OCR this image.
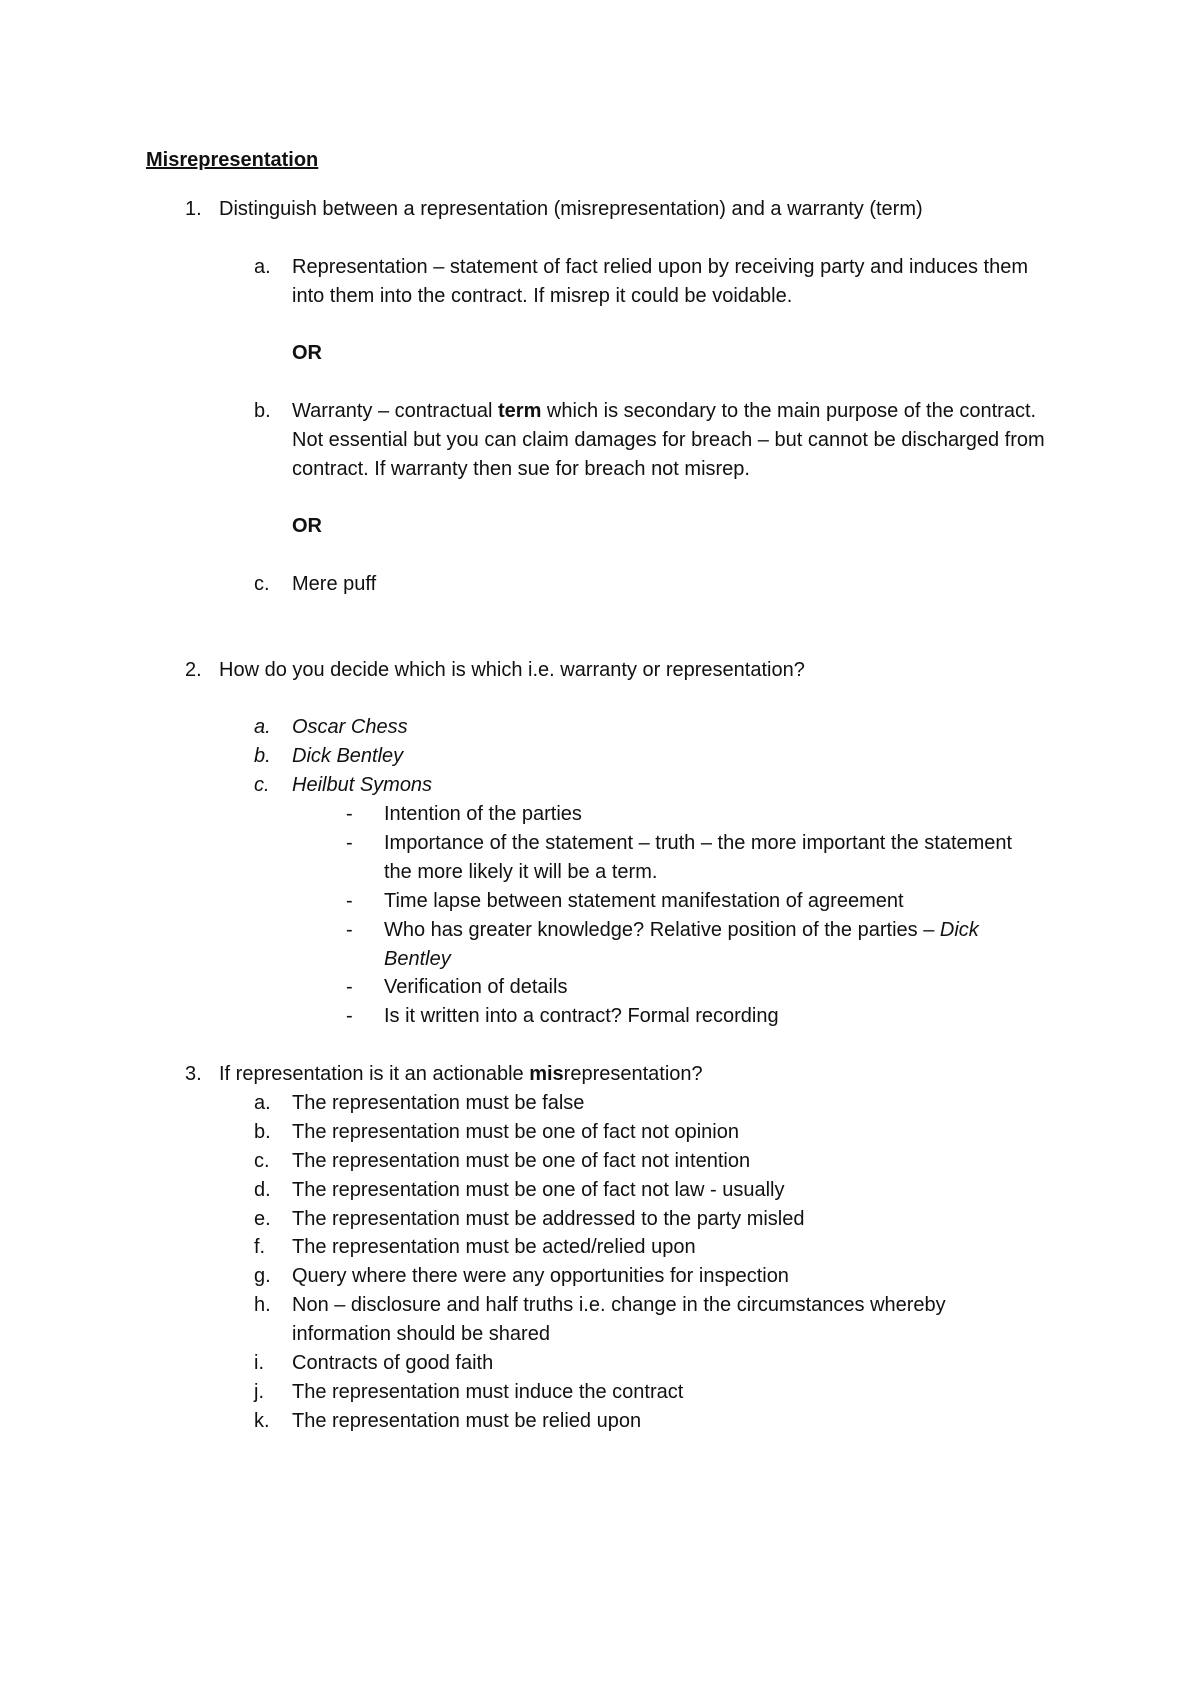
Misrepresentation
1. Distinguish between a representation (misrepresentation) and a warranty (term)
a. Representation – statement of fact relied upon by receiving party and induces them
into them into the contract. If misrep it could be voidable.
OR
b. Warranty – contractual term which is secondary to the main purpose of the contract.
Not essential but you can claim damages for breach – but cannot be discharged from
contract. If warranty then sue for breach not misrep.
OR
c. Mere puff
2. How do you decide which is which i.e. warranty or representation?
a. Oscar Chess
b. Dick Bentley
c. Heilbut Symons
- Intention of the parties
- Importance of the statement – truth – the more important the statement
the more likely it will be a term.
- Time lapse between statement manifestation of agreement
- Who has greater knowledge? Relative position of the parties – Dick
Bentley
- Verification of details
- Is it written into a contract? Formal recording
3. If representation is it an actionable misrepresentation?
a. The representation must be false
b. The representation must be one of fact not opinion
c. The representation must be one of fact not intention
d. The representation must be one of fact not law - usually
e. The representation must be addressed to the party misled
f. The representation must be acted/relied upon
g. Query where there were any opportunities for inspection
h. Non – disclosure and half truths i.e. change in the circumstances whereby
information should be shared
i. Contracts of good faith
j. The representation must induce the contract
k. The representation must be relied upon
